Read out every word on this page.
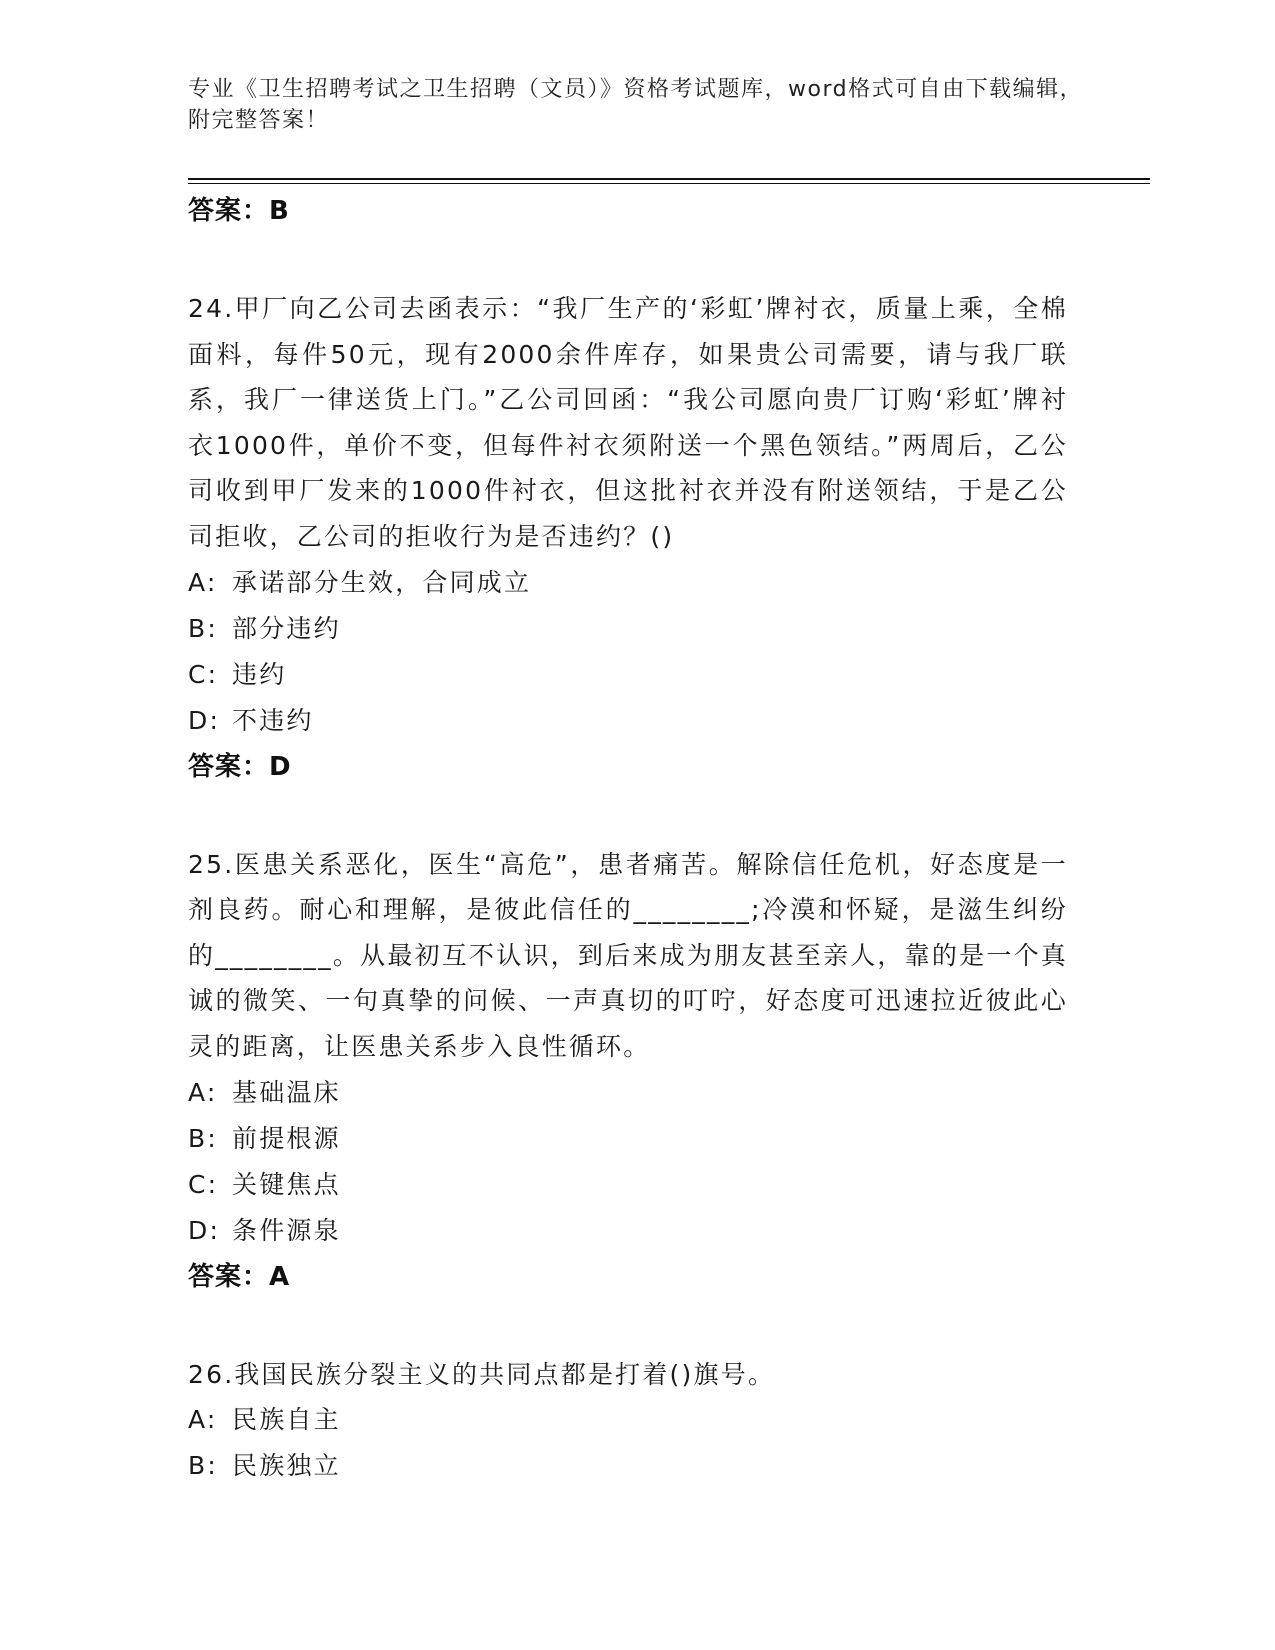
专业《卫生招聘考试之卫生招聘（文员）》资格考试题库，word格式可自由下载编辑，附完整答案！
答案：B

24.甲厂向乙公司去函表示：“我厂生产的‘彩虹’牌衬衣，质量上乘，全棉面料，每件50元，现有2000余件库存，如果贵公司需要，请与我厂联系，我厂一律送货上门。”乙公司回函：“我公司愿向贵厂订购‘彩虹’牌衬衣1000件，单价不变，但每件衬衣须附送一个黑色领结。”两周后，乙公司收到甲厂发来的1000件衬衣，但这批衬衣并没有附送领结，于是乙公司拒收，乙公司的拒收行为是否违约？()

A: 承诺部分生效，合同成立
B: 部分违约
C: 违约
D: 不违约
答案：D

25.医患关系恶化，医生“高危”，患者痛苦。解除信任危机，好态度是一剂良药。耐心和理解，是彼此信任的________;冷漠和怀疑，是滋生纠纷的________。从最初互不认识，到后来成为朋友甚至亲人，靠的是一个真诚的微笑、一句真挚的问候、一声真切的叮咛，好态度可迅速拉近彼此心灵的距离，让医患关系步入良性循环。

A: 基础温床
B: 前提根源
C: 关键焦点
D: 条件源泉
答案：A

26.我国民族分裂主义的共同点都是打着()旗号。

A: 民族自主
B: 民族独立
